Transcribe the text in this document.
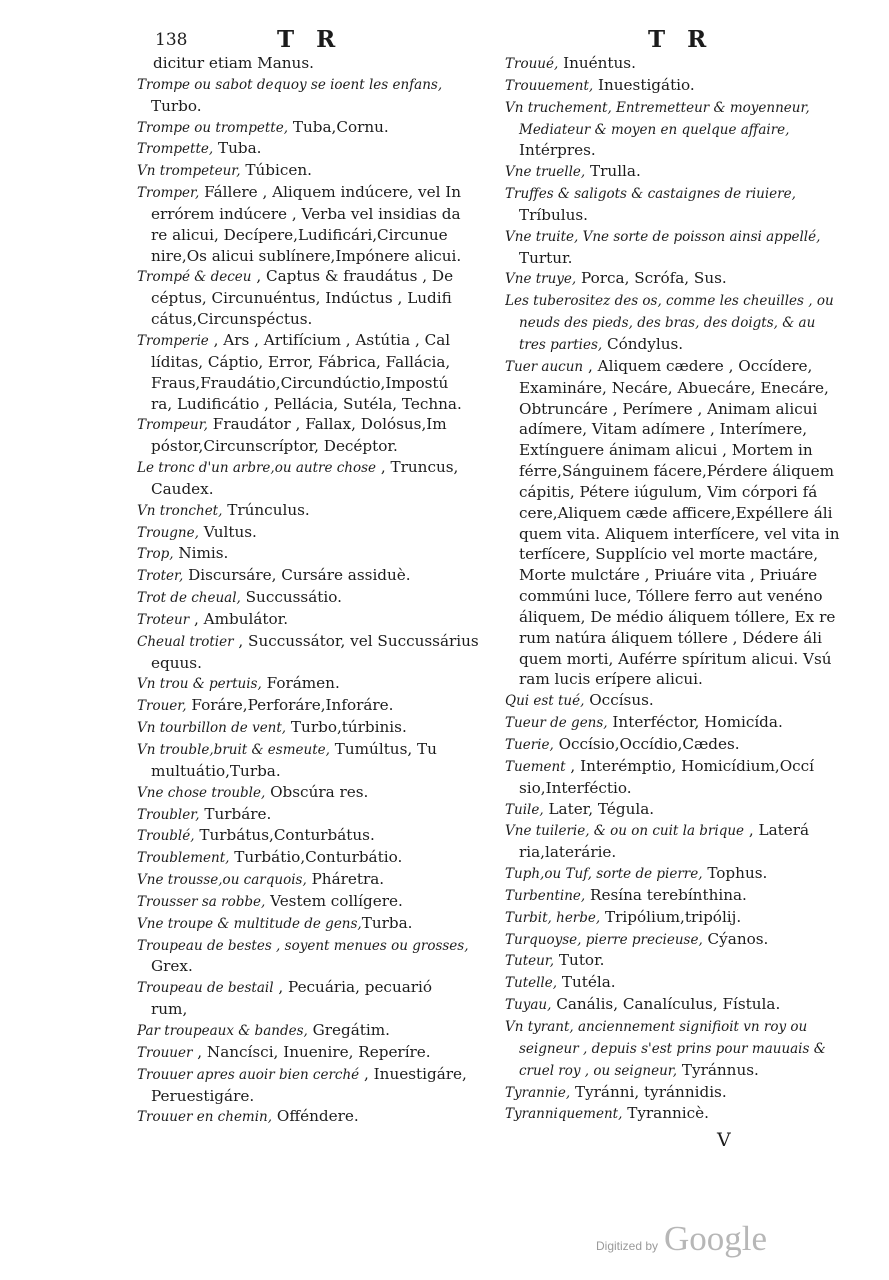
138	T R	T R
dicitur etiam Manus.
Trompe ou sabot dequoy se ioent les enfans,
Turbo.
Trompe ou trompette, Tuba,Cornu.
Trompette, Tuba.
Vn trompeteur, Túbicen.
Tromper, Fállere , Aliquem indúcere, vel In
errórem indúcere , Verba vel insidias da
re alicui, Decípere,Ludificári,Circunue
nire,Os alicui sublínere,Impónere alicui.
Trompé & deceu , Captus & fraudátus , De
céptus, Circunuéntus, Indúctus , Ludifi
cátus,Circunspéctus.
Tromperie , Ars , Artifícium , Astútia , Cal
líditas, Cáptio, Error, Fábrica, Fallácia,
Fraus,Fraudátio,Circundúctio,Impostú
ra, Ludificátio , Pellácia, Sutéla, Techna.
Trompeur, Fraudátor , Fallax, Dolósus,Im
póstor,Circunscríptor, Decéptor.
Le tronc d'un arbre,ou autre chose , Truncus,
Caudex.
Vn tronchet, Trúnculus.
Trougne, Vultus.
Trop, Nimis.
Troter, Discursáre, Cursáre assiduè.
Trot de cheual, Succussátio.
Troteur , Ambulátor.
Cheual trotier , Succussátor, vel Succussárius
equus.
Vn trou & pertuis, Forámen.
Trouer, Foráre,Perforáre,Inforáre.
Vn tourbillon de vent, Turbo,túrbinis.
Vn trouble,bruit & esmeute, Tumúltus, Tu
multuátio,Turba.
Vne chose trouble, Obscúra res.
Troubler, Turbáre.
Troublé, Turbátus,Conturbátus.
Troublement, Turbátio,Conturbátio.
Vne trousse,ou carquois, Pháretra.
Trousser sa robbe, Vestem collígere.
Vne troupe & multitude de gens,Turba.
Troupeau de bestes , soyent menues ou grosses,
Grex.
Troupeau de bestail , Pecuária, pecuarió
rum,
Par troupeaux & bandes, Gregátim.
Trouuer , Nancísci, Inuenire, Reperíre.
Trouuer apres auoir bien cerché , Inuestigáre,
Peruestigáre.
Trouuer en chemin, Offéndere.
Trouué, Inuéntus.
Trouuement, Inuestigátio.
Vn truchement, Entremetteur & moyenneur,
Mediateur & moyen en quelque affaire,
Intérpres.
Vne truelle, Trulla.
Truffes & saligots & castaignes de riuiere,
Tríbulus.
Vne truite, Vne sorte de poisson ainsi appellé,
Turtur.
Vne truye, Porca, Scrófa, Sus.
Les tuberositez des os, comme les cheuilles , ou
neuds des pieds, des bras, des doigts, & au
tres parties, Cóndylus.
Tuer aucun , Aliquem cædere , Occídere,
Examináre, Necáre, Abuecáre, Enecáre,
Obtruncáre , Perímere , Animam alicui
adímere, Vitam adímere , Interímere,
Extínguere ánimam alicui , Mortem in
férre,Sánguinem fácere,Pérdere áliquem
cápitis, Pétere iúgulum, Vim córpori fá
cere,Aliquem cæde afficere,Expéllere áli
quem vita. Aliquem interfícere, vel vita in
terfícere, Supplício vel morte mactáre,
Morte mulctáre , Priuáre vita , Priuáre
commúni luce, Tóllere ferro aut venéno
áliquem, De médio áliquem tóllere, Ex re
rum natúra áliquem tóllere , Dédere áli
quem morti, Auférre spíritum alicui. Vsú
ram lucis erípere alicui.
Qui est tué, Occísus.
Tueur de gens, Interféctor, Homicída.
Tuerie, Occísio,Occídio,Cædes.
Tuement , Interémptio, Homicídium,Occí
sio,Interféctio.
Tuile, Later, Tégula.
Vne tuilerie, & ou on cuit la brique , Laterá
ria,laterárie.
Tuph,ou Tuf, sorte de pierre, Tophus.
Turbentine, Resína terebínthina.
Turbit, herbe, Tripólium,tripólij.
Turquoyse, pierre precieuse, Cýanos.
Tuteur, Tutor.
Tutelle, Tutéla.
Tuyau, Canális, Canalículus, Fístula.
Vn tyrant, anciennement signifioit vn roy ou
seigneur , depuis s'est prins pour mauuais &
cruel roy , ou seigneur, Tyránnus.
Tyrannie, Tyránni, tyránnidis.
Tyranniquement, Tyrannicè.
V
Digitized by Google
